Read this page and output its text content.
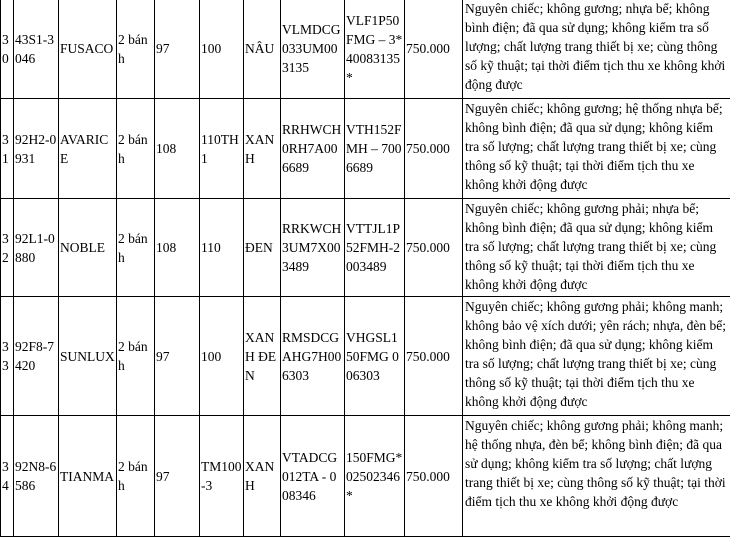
30	43S1-3046	FUSACO	2 bánh	97	100	NÂU	VLMDCG033UM003135	VLF1P50FMG – 3*40083135*	750.000	Nguyên chiếc; không gương; nhựa bể; không bình điện; đã qua sử dụng; không kiểm tra số lượng; chất lượng trang thiết bị xe; cùng thông số kỹ thuật; tại thời điểm tịch thu xe không khởi động được
31	92H2-0931	AVARICE	2 bánh	108	110TH1	XANH	RRHWCH0RH7A006689	VTH152FMH – 7006689	750.000	Nguyên chiếc; không gương; hệ thống nhựa bể; không bình điện; đã qua sử dụng; không kiểm tra số lượng; chất lượng trang thiết bị xe; cùng thông số kỹ thuật; tại thời điểm tịch thu xe không khởi động được
32	92L1-0880	NOBLE	2 bánh	108	110	ĐEN	RRKWCH3UM7X003489	VTTJL1P52FMH-2 003489	750.000	Nguyên chiếc; không gương phải; nhựa bể; không bình điện; đã qua sử dụng; không kiểm tra số lượng; chất lượng trang thiết bị xe; cùng thông số kỹ thuật; tại thời điểm tịch thu xe không khởi động được
33	92F8-7420	SUNLUX	2 bánh	97	100	XANH ĐEN	RMSDCGAHG7H006303	VHGSL150FMG 006303	750.000	Nguyên chiếc; không gương phải; không manh; không bảo vệ xích dưới; yên rách; nhựa, đèn bể; không bình điện; đã qua sử dụng; không kiểm tra số lượng; chất lượng trang thiết bị xe; cùng thông số kỹ thuật; tại thời điểm tịch thu xe không khởi động được
34	92N8-6586	TIANMA	2 bánh	97	TM100-3	XANH	VTADCG012TA - 008346	150FMG*02502346*	750.000	Nguyên chiếc; không gương phải; không manh; hệ thống nhựa, đèn bể; không bình điện; đã qua sử dụng; không kiểm tra số lượng; chất lượng trang thiết bị xe; cùng thông số kỹ thuật; tại thời điểm tịch thu xe không khởi động được
